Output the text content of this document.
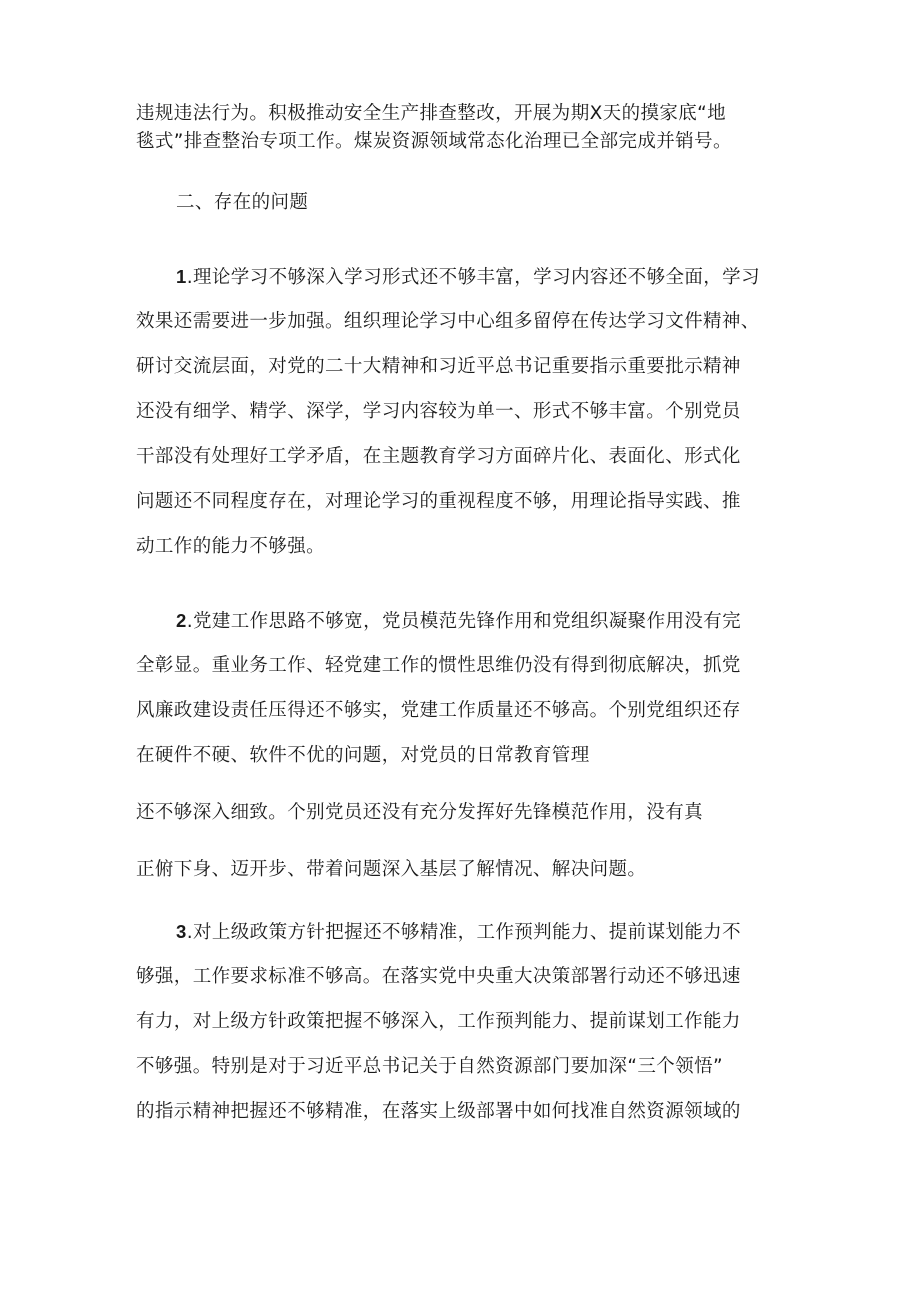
违规违法行为。积极推动安全生产排查整改，开展为期X天的摸家底“地
毯式”排查整治专项工作。煤炭资源领域常态化治理已全部完成并销号。
二、存在的问题
1.理论学习不够深入学习形式还不够丰富，学习内容还不够全面，学习
效果还需要进一步加强。组织理论学习中心组多留停在传达学习文件精神、
研讨交流层面，对党的二十大精神和习近平总书记重要指示重要批示精神
还没有细学、精学、深学，学习内容较为单一、形式不够丰富。个别党员
干部没有处理好工学矛盾，在主题教育学习方面碎片化、表面化、形式化
问题还不同程度存在，对理论学习的重视程度不够，用理论指导实践、推
动工作的能力不够强。
2.党建工作思路不够宽，党员模范先锋作用和党组织凝聚作用没有完
全彰显。重业务工作、轻党建工作的惯性思维仍没有得到彻底解决，抓党
风廉政建设责任压得还不够实，党建工作质量还不够高。个别党组织还存
在硬件不硬、软件不优的问题，对党员的日常教育管理
还不够深入细致。个别党员还没有充分发挥好先锋模范作用，没有真
正俯下身、迈开步、带着问题深入基层了解情况、解决问题。
3.对上级政策方针把握还不够精准，工作预判能力、提前谋划能力不
够强，工作要求标准不够高。在落实党中央重大决策部署行动还不够迅速
有力，对上级方针政策把握不够深入，工作预判能力、提前谋划工作能力
不够强。特别是对于习近平总书记关于自然资源部门要加深“三个领悟”
的指示精神把握还不够精准，在落实上级部署中如何找准自然资源领域的
